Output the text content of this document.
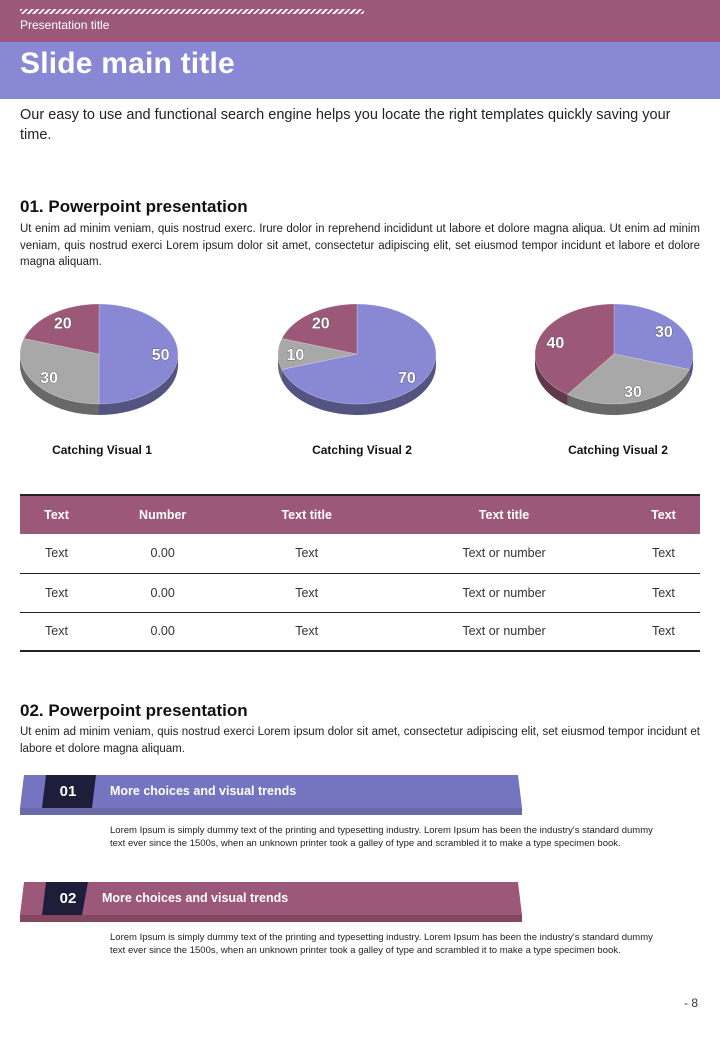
Presentation title
Slide main title
Our easy to use and functional search engine helps you locate the right templates quickly saving your time.
01. Powerpoint presentation
Ut enim ad minim veniam, quis nostrud exerc. Irure dolor in reprehend incididunt ut labore et dolore magna aliqua. Ut enim ad minim veniam, quis nostrud exerci Lorem ipsum dolor sit amet, consectetur adipiscing elit, set eiusmod tempor incidunt et labore et dolore magna aliquam.
50
30
20
70
10
20
30
30
40
Catching Visual 1	Catching Visual 2	Catching Visual 2
Text	Number	Text title	Text title	Text
Text	0.00	Text	Text or number	Text
Text	0.00	Text	Text or number	Text
Text	0.00	Text	Text or number	Text
02. Powerpoint presentation
Ut enim ad minim veniam, quis nostrud exerci Lorem ipsum dolor sit amet, consectetur adipiscing elit, set eiusmod tempor incidunt et labore et dolore magna aliquam.
01	More choices and visual trends
Lorem Ipsum is simply dummy text of the printing and typesetting industry. Lorem Ipsum has been the industry's standard dummy text ever since the 1500s, when an unknown printer took a galley of type and scrambled it to make a type specimen book.
02	More choices and visual trends
Lorem Ipsum is simply dummy text of the printing and typesetting industry. Lorem Ipsum has been the industry's standard dummy text ever since the 1500s, when an unknown printer took a galley of type and scrambled it to make a type specimen book.
- 8
